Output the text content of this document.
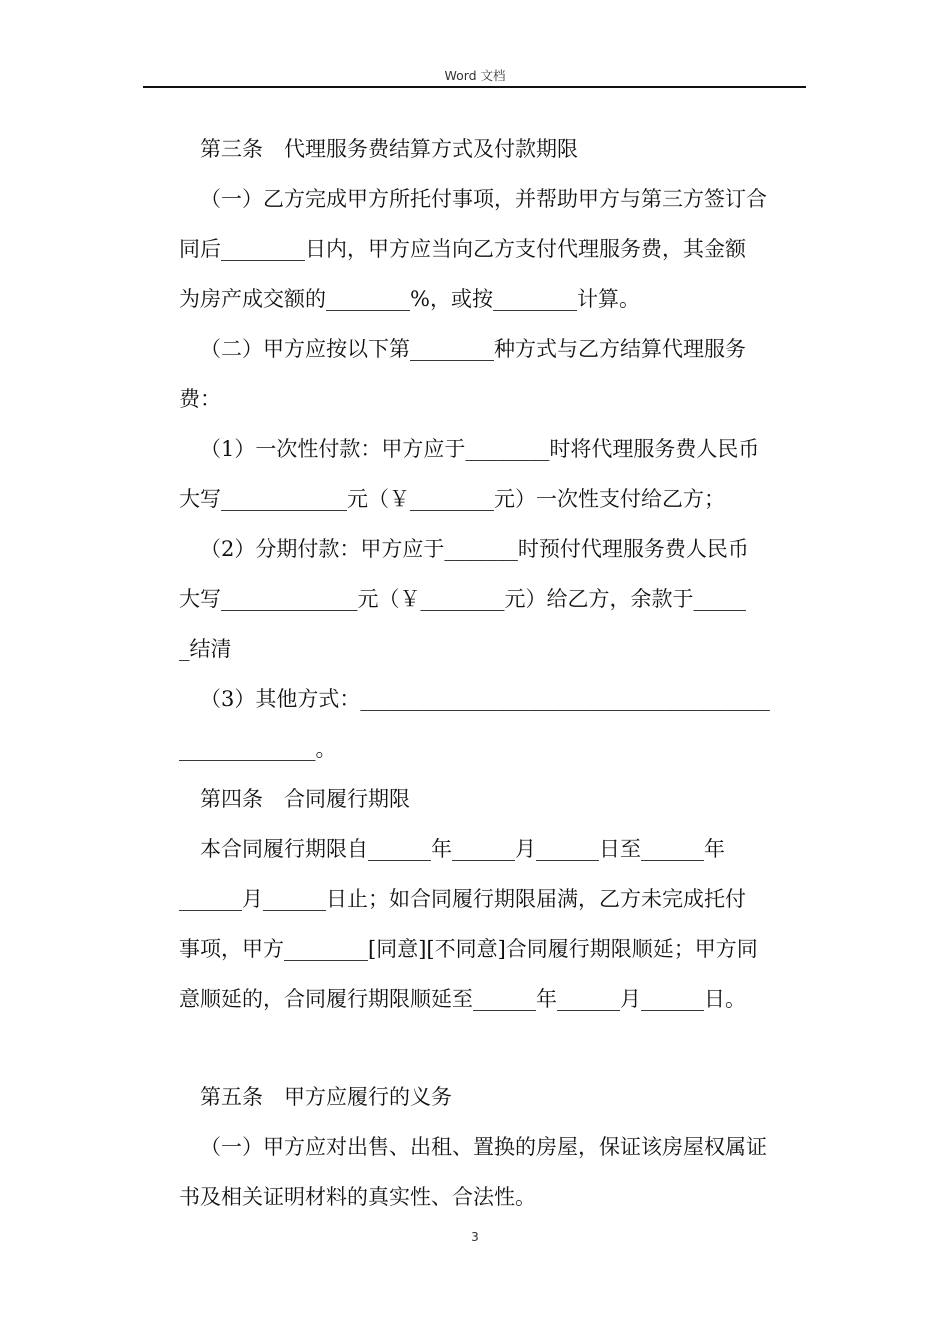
Word 文档
第三条　代理服务费结算方式及付款期限
（一）乙方完成甲方所托付事项，并帮助甲方与第三方签订合
同后________日内，甲方应当向乙方支付代理服务费，其金额
为房产成交额的________%，或按________计算。
（二）甲方应按以下第________种方式与乙方结算代理服务
费：
（1）一次性付款：甲方应于________时将代理服务费人民币
大写____________元（￥________元）一次性支付给乙方；
（2）分期付款：甲方应于_______时预付代理服务费人民币
大写_____________元（￥________元）给乙方，余款于_____
_结清
（3）其他方式：_______________________________________
_____________。
第四条　合同履行期限
本合同履行期限自______年______月______日至______年
______月______日止；如合同履行期限届满，乙方未完成托付
事项，甲方________[同意][不同意]合同履行期限顺延；甲方同
意顺延的，合同履行期限顺延至______年______月______日。
第五条　甲方应履行的义务
（一）甲方应对出售、出租、置换的房屋，保证该房屋权属证
书及相关证明材料的真实性、合法性。
3
